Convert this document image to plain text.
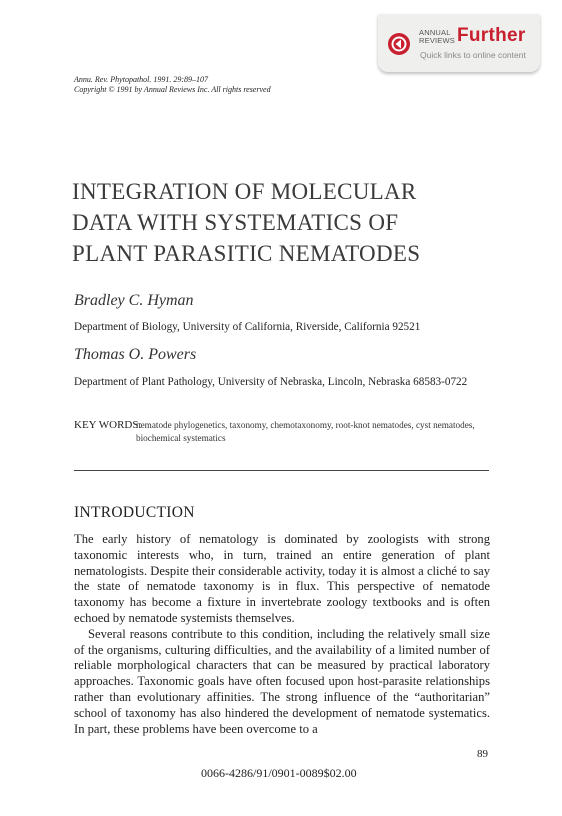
ANNUAL
REVIEWS Further
Quick links to online content
Annu. Rev. Phytopathol. 1991. 29:89–107
Copyright © 1991 by Annual Reviews Inc. All rights reserved
INTEGRATION OF MOLECULAR
DATA WITH SYSTEMATICS OF
PLANT PARASITIC NEMATODES
Bradley C. Hyman
Department of Biology, University of California, Riverside, California 92521
Thomas O. Powers
Department of Plant Pathology, University of Nebraska, Lincoln, Nebraska 68583-0722
KEY WORDS:
nematode phylogenetics, taxonomy, chemotaxonomy, root-knot nematodes, cyst nematodes, biochemical systematics
INTRODUCTION

The early history of nematology is dominated by zoologists with strong taxonomic interests who, in turn, trained an entire generation of plant nematologists. Despite their considerable activity, today it is almost a cliché to say the state of nematode taxonomy is in flux. This perspective of nematode taxonomy has become a fixture in invertebrate zoology textbooks and is often echoed by nematode systemists themselves.

Several reasons contribute to this condition, including the relatively small size of the organisms, culturing difficulties, and the availability of a limited number of reliable morphological characters that can be measured by practical laboratory approaches. Taxonomic goals have often focused upon host-parasite relationships rather than evolutionary affinities. The strong influence of the “authoritarian” school of taxonomy has also hindered the development of nematode systematics. In part, these problems have been overcome to a

89
0066-4286/91/0901-0089$02.00
